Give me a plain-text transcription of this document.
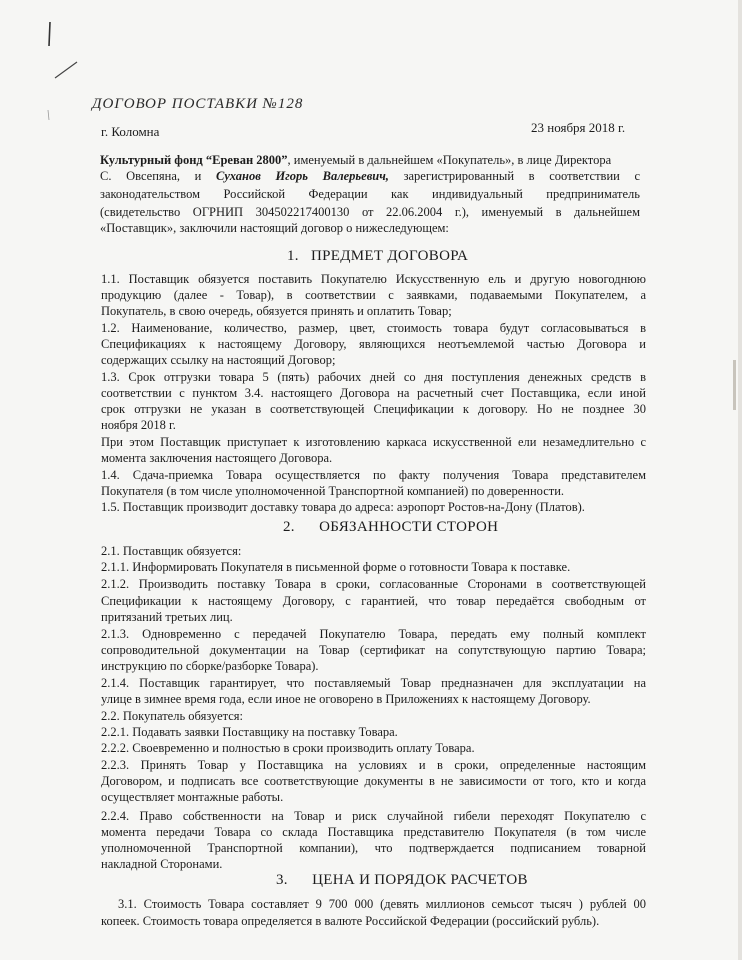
ДОГОВОР ПОСТАВКИ №128
г. Коломна	23 ноября 2018 г.
Культурный фонд “Ереван 2800”, именуемый в дальнейшем «Покупатель», в лице Директора
С. Овсепяна, и Суханов Игорь Валерьевич, зарегистрированный в соответствии с
законодательством Российской Федерации как индивидуальный предприниматель
(свидетельство ОГРНИП 304502217400130 от 22.06.2004 г.), именуемый в дальнейшем
«Поставщик», заключили настоящий договор о нижеследующем:
1. ПРЕДМЕТ ДОГОВОРА
1.1. Поставщик обязуется поставить Покупателю Искусственную ель и другую новогоднюю
продукцию (далее - Товар), в соответствии с заявками, подаваемыми Покупателем, а
Покупатель, в свою очередь, обязуется принять и оплатить Товар;
1.2. Наименование, количество, размер, цвет, стоимость товара будут согласовываться в
Спецификациях к настоящему Договору, являющихся неотъемлемой частью Договора и
содержащих ссылку на настоящий Договор;
1.3. Срок отгрузки товара 5 (пять) рабочих дней со дня поступления денежных средств в
соответствии с пунктом 3.4. настоящего Договора на расчетный счет Поставщика, если иной
срок отгрузки не указан в соответствующей Спецификации к договору. Но не позднее 30
ноября 2018 г.
При этом Поставщик приступает к изготовлению каркаса искусственной ели незамедлительно с
момента заключения настоящего Договора.
1.4. Сдача-приемка Товара осуществляется по факту получения Товара представителем
Покупателя (в том числе уполномоченной Транспортной компанией) по доверенности.
1.5. Поставщик производит доставку товара до адреса: аэропорт Ростов-на-Дону (Платов).
2. ОБЯЗАННОСТИ СТОРОН
2.1. Поставщик обязуется:
2.1.1. Информировать Покупателя в письменной форме о готовности Товара к поставке.
2.1.2. Производить поставку Товара в сроки, согласованные Сторонами в соответствующей
Спецификации к настоящему Договору, с гарантией, что товар передаётся свободным от
притязаний третьих лиц.
2.1.3. Одновременно с передачей Покупателю Товара, передать ему полный комплект
сопроводительной документации на Товар (сертификат на сопутствующую партию Товара;
инструкцию по сборке/разборке Товара).
2.1.4. Поставщик гарантирует, что поставляемый Товар предназначен для эксплуатации на
улице в зимнее время года, если иное не оговорено в Приложениях к настоящему Договору.
2.2. Покупатель обязуется:
2.2.1. Подавать заявки Поставщику на поставку Товара.
2.2.2. Своевременно и полностью в сроки производить оплату Товара.
2.2.3. Принять Товар у Поставщика на условиях и в сроки, определенные настоящим
Договором, и подписать все соответствующие документы в не зависимости от того, кто и когда
осуществляет монтажные работы.
2.2.4. Право собственности на Товар и риск случайной гибели переходят Покупателю с
момента передачи Товара со склада Поставщика представителю Покупателя (в том числе
уполномоченной Транспортной компании), что подтверждается подписанием товарной
накладной Сторонами.
3. ЦЕНА И ПОРЯДОК РАСЧЕТОВ
3.1. Стоимость Товара составляет 9 700 000 (девять миллионов семьсот тысяч ) рублей 00
копеек. Стоимость товара определяется в валюте Российской Федерации (российский рубль).
